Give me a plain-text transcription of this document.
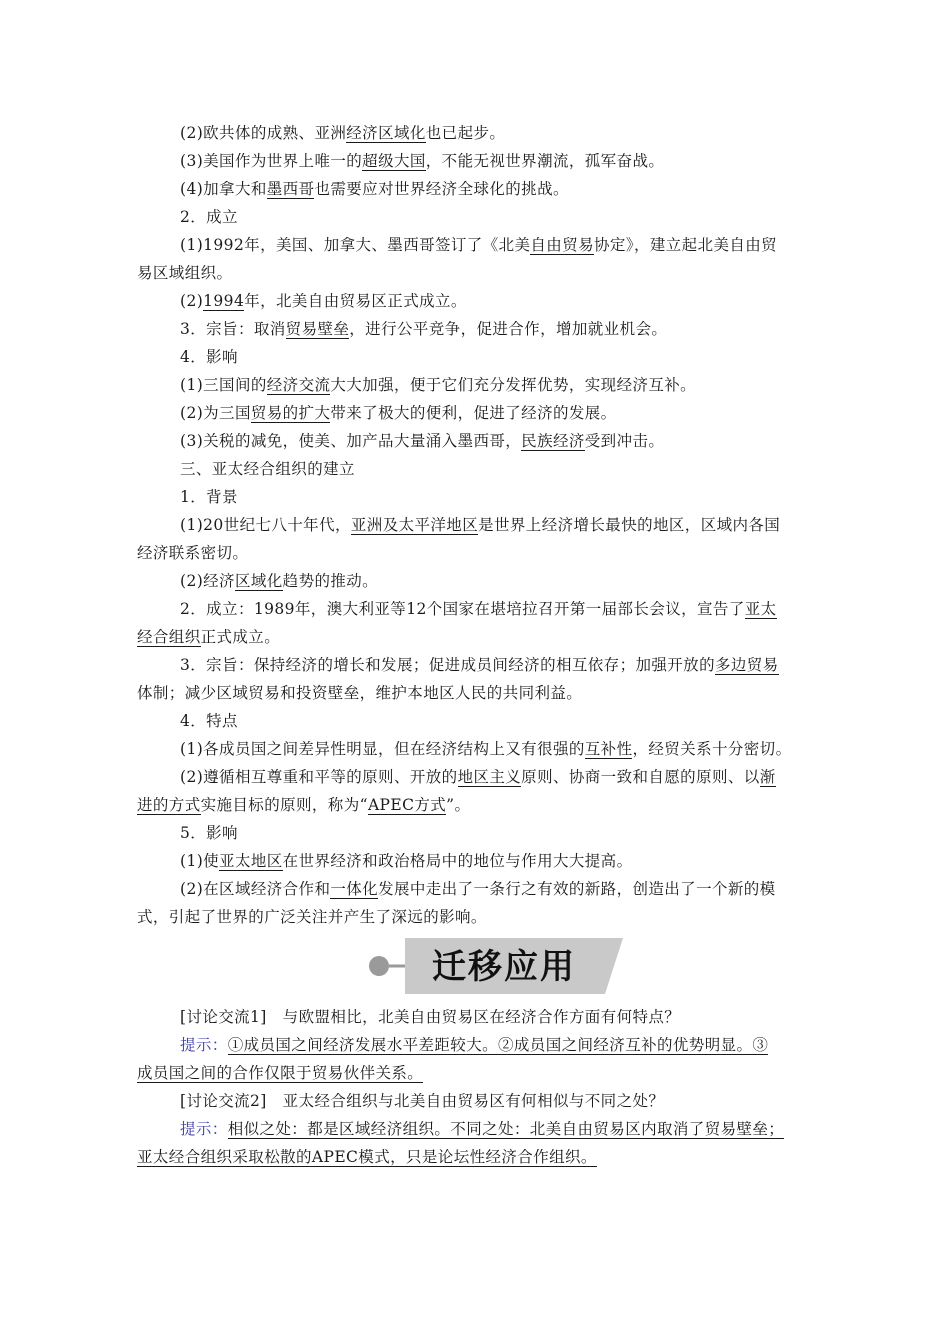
(2)欧共体的成熟、亚洲经济区域化也已起步。
(3)美国作为世界上唯一的超级大国，不能无视世界潮流，孤军奋战。
(4)加拿大和墨西哥也需要应对世界经济全球化的挑战。
2．成立
(1)1992年，美国、加拿大、墨西哥签订了《北美自由贸易协定》，建立起北美自由贸
易区域组织。
(2)1994年，北美自由贸易区正式成立。
3．宗旨：取消贸易壁垒，进行公平竞争，促进合作，增加就业机会。
4．影响
(1)三国间的经济交流大大加强，便于它们充分发挥优势，实现经济互补。
(2)为三国贸易的扩大带来了极大的便利，促进了经济的发展。
(3)关税的减免，使美、加产品大量涌入墨西哥，民族经济受到冲击。
三、亚太经合组织的建立
1．背景
(1)20世纪七八十年代，亚洲及太平洋地区是世界上经济增长最快的地区，区域内各国
经济联系密切。
(2)经济区域化趋势的推动。
2．成立：1989年，澳大利亚等12个国家在堪培拉召开第一届部长会议，宣告了亚太
经合组织正式成立。
3．宗旨：保持经济的增长和发展；促进成员间经济的相互依存；加强开放的多边贸易
体制；减少区域贸易和投资壁垒，维护本地区人民的共同利益。
4．特点
(1)各成员国之间差异性明显，但在经济结构上又有很强的互补性，经贸关系十分密切。
(2)遵循相互尊重和平等的原则、开放的地区主义原则、协商一致和自愿的原则、以渐
进的方式实施目标的原则，称为“APEC方式”。
5．影响
(1)使亚太地区在世界经济和政治格局中的地位与作用大大提高。
(2)在区域经济合作和一体化发展中走出了一条行之有效的新路，创造出了一个新的模
式，引起了世界的广泛关注并产生了深远的影响。
迁移应用
[讨论交流1]  与欧盟相比，北美自由贸易区在经济合作方面有何特点？
提示：①成员国之间经济发展水平差距较大。②成员国之间经济互补的优势明显。③
成员国之间的合作仅限于贸易伙伴关系。
[讨论交流2]  亚太经合组织与北美自由贸易区有何相似与不同之处？
提示：相似之处：都是区域经济组织。不同之处：北美自由贸易区内取消了贸易壁垒；
亚太经合组织采取松散的APEC模式，只是论坛性经济合作组织。
